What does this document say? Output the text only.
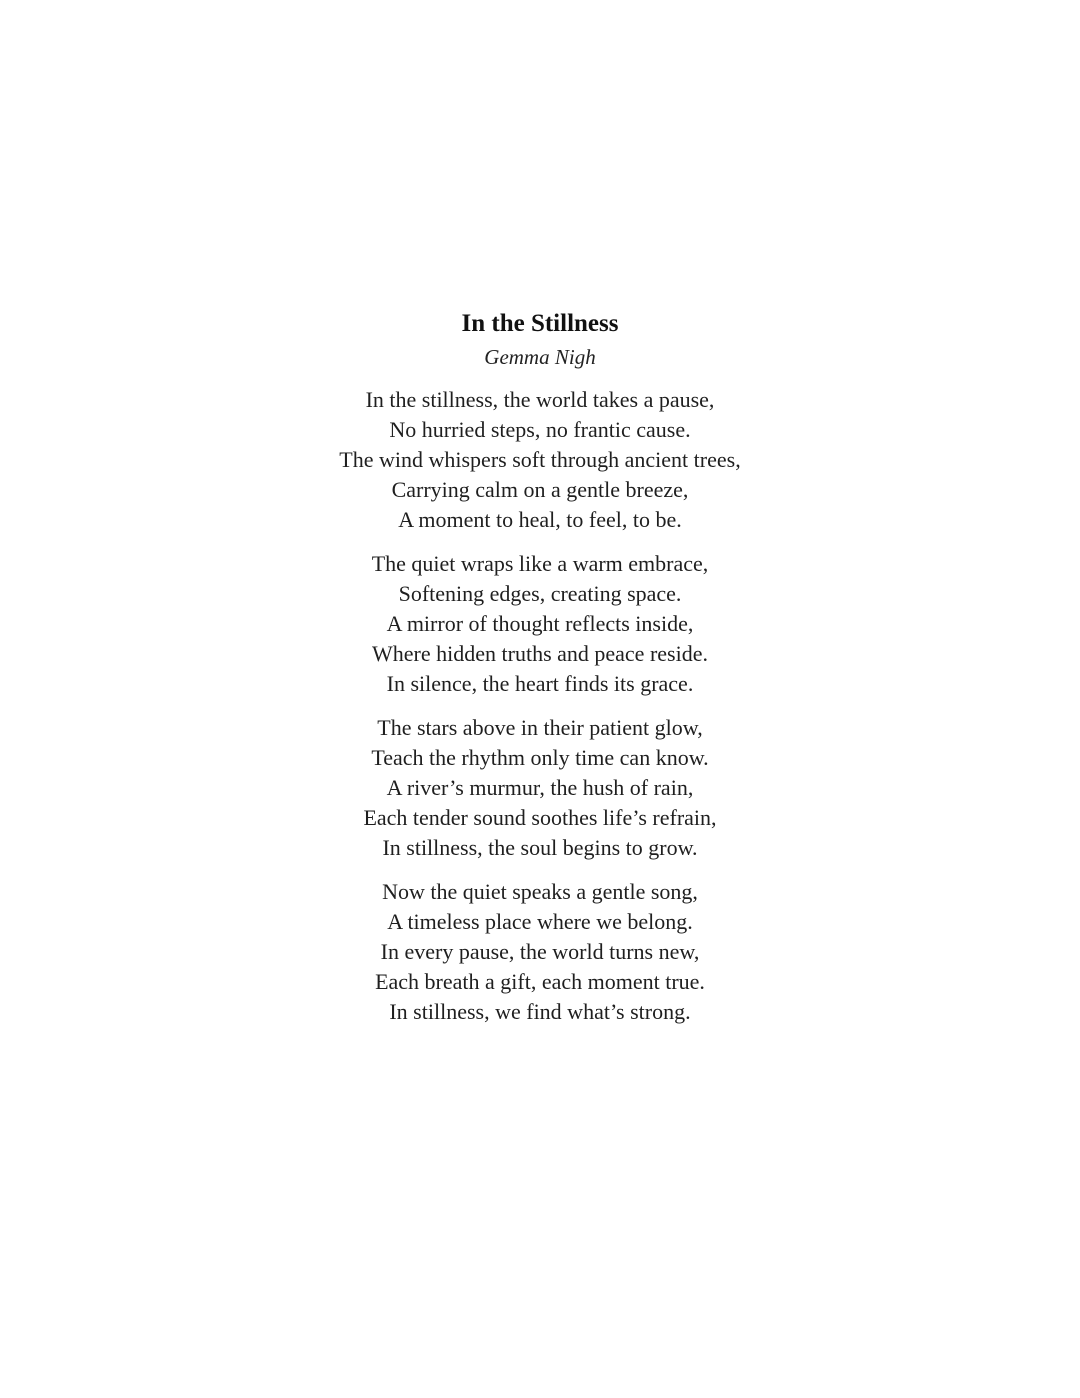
In the Stillness

Gemma Nigh

In the stillness, the world takes a pause,
No hurried steps, no frantic cause.
The wind whispers soft through ancient trees,
Carrying calm on a gentle breeze,
A moment to heal, to feel, to be.
The quiet wraps like a warm embrace,
Softening edges, creating space.
A mirror of thought reflects inside,
Where hidden truths and peace reside.
In silence, the heart finds its grace.
The stars above in their patient glow,
Teach the rhythm only time can know.
A river’s murmur, the hush of rain,
Each tender sound soothes life’s refrain,
In stillness, the soul begins to grow.
Now the quiet speaks a gentle song,
A timeless place where we belong.
In every pause, the world turns new,
Each breath a gift, each moment true.
In stillness, we find what’s strong.
